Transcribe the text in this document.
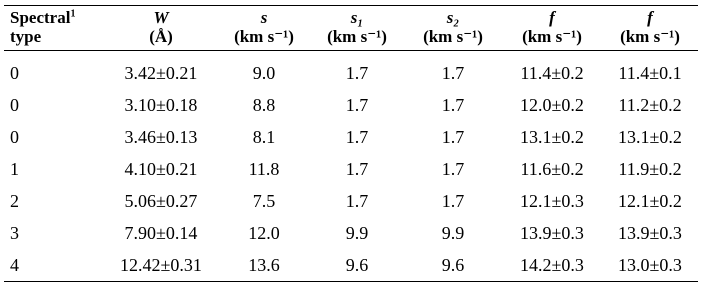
Spectral$^1$	W	s	s₁	s₂	f	f
type	(Å)	(km s⁻¹)	(km s⁻¹)	(km s⁻¹)	(km s⁻¹)	(km s⁻¹)
0	3.42±0.21	9.0	1.7	1.7	11.4±0.2	11.4±0.1
0	3.10±0.18	8.8	1.7	1.7	12.0±0.2	11.2±0.2
0	3.46±0.13	8.1	1.7	1.7	13.1±0.2	13.1±0.2
1	4.10±0.21	11.8	1.7	1.7	11.6±0.2	11.9±0.2
2	5.06±0.27	7.5	1.7	1.7	12.1±0.3	12.1±0.2
3	7.90±0.14	12.0	9.9	9.9	13.9±0.3	13.9±0.3
4	12.42±0.31	13.6	9.6	9.6	14.2±0.3	13.0±0.3
